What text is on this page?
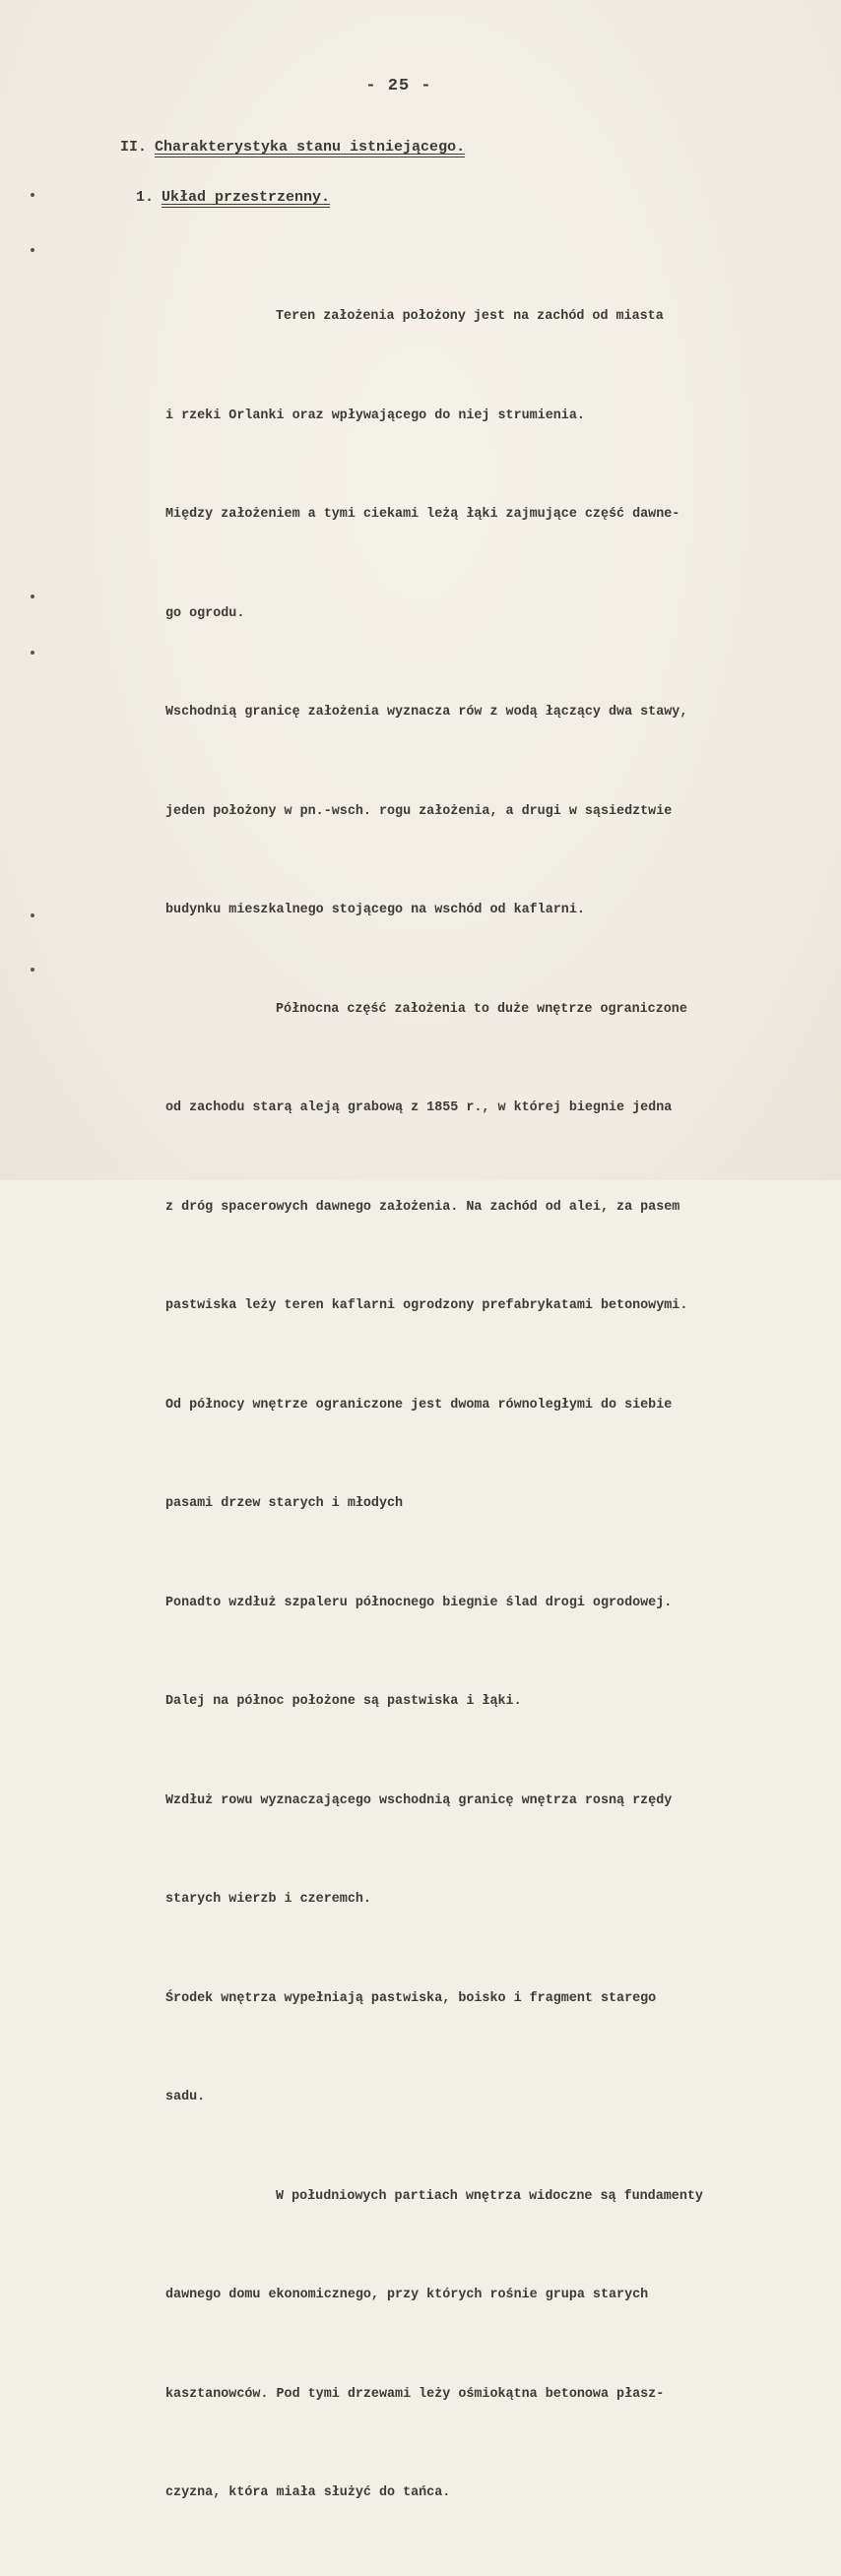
- 25 -
II. Charakterystyka stanu istniejącego.
1. Układ przestrzenny.

Teren założenia położony jest na zachód od miasta

i rzeki Orlanki oraz wpływającego do niej strumienia.

Między założeniem a tymi ciekami leżą łąki zajmujące część dawne-

go ogrodu.

Wschodnią granicę założenia wyznacza rów z wodą łączący dwa stawy,

jeden położony w pn.-wsch. rogu założenia, a drugi w sąsiedztwie

budynku mieszkalnego stojącego na wschód od kaflarni.

Północna część założenia to duże wnętrze ograniczone

od zachodu starą aleją grabową z 1855 r., w której biegnie jedna

z dróg spacerowych dawnego założenia. Na zachód od alei, za pasem

pastwiska leży teren kaflarni ogrodzony prefabrykatami betonowymi.

Od północy wnętrze ograniczone jest dwoma równoległymi do siebie

pasami drzew starych i młodych

Ponadto wzdłuż szpaleru północnego biegnie ślad drogi ogrodowej.

Dalej na północ położone są pastwiska i łąki.

Wzdłuż rowu wyznaczającego wschodnią granicę wnętrza rosną rzędy

starych wierzb i czeremch.

Środek wnętrza wypełniają pastwiska, boisko i fragment starego

sadu.

W południowych partiach wnętrza widoczne są fundamenty

dawnego domu ekonomicznego, przy których rośnie grupa starych

kasztanowców. Pod tymi drzewami leży ośmiokątna betonowa płasz-

czyzna, która miała służyć do tańca.
